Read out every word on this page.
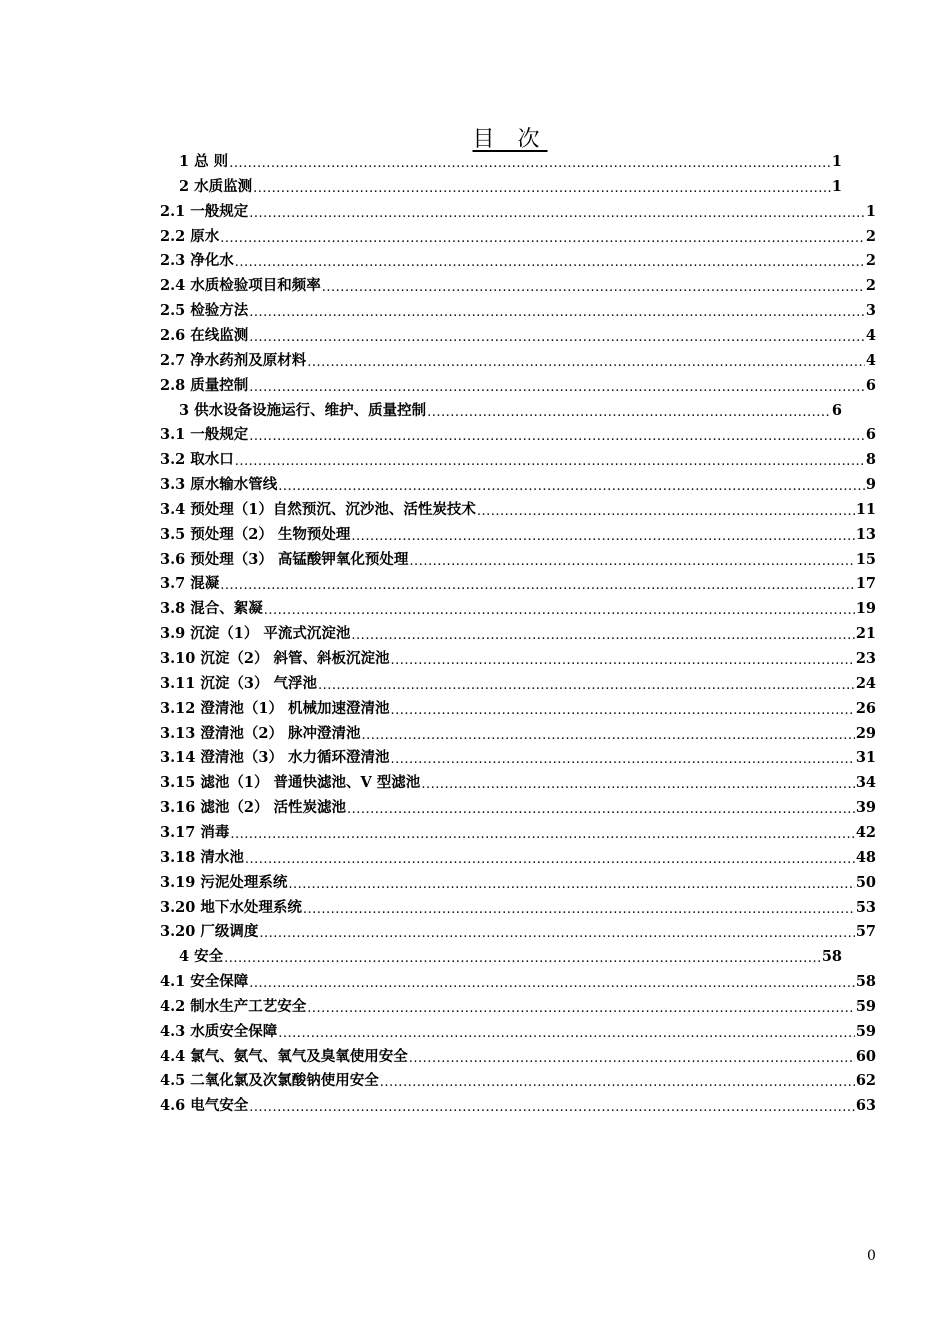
目 次
1 总 则 .....	1
2 水质监测 .....	1
2.1 一般规定 .....	1
2.2 原水 .....	2
2.3 净化水 .....	2
2.4 水质检验项目和频率 .....	2
2.5 检验方法 .....	3
2.6 在线监测 .....	4
2.7 净水药剂及原材料 .....	4
2.8 质量控制 .....	6
3 供水设备设施运行、维护、质量控制 .....	6
3.1 一般规定 .....	6
3.2 取水口 .....	8
3.3 原水输水管线 .....	9
3.4 预处理（1）自然预沉、沉沙池、活性炭技术 .....	11
3.5 预处理（2） 生物预处理 .....	13
3.6 预处理（3） 高锰酸钾氧化预处理 .....	15
3.7 混凝 .....	17
3.8 混合、絮凝 .....	19
3.9 沉淀（1） 平流式沉淀池 .....	21
3.10 沉淀（2） 斜管、斜板沉淀池 .....	23
3.11 沉淀（3） 气浮池 .....	24
3.12 澄清池（1） 机械加速澄清池 .....	26
3.13 澄清池（2） 脉冲澄清池 .....	29
3.14 澄清池（3） 水力循环澄清池 .....	31
3.15 滤池（1） 普通快滤池、V 型滤池 .....	34
3.16 滤池（2） 活性炭滤池 .....	39
3.17 消毒 .....	42
3.18 清水池 .....	48
3.19 污泥处理系统 .....	50
3.20 地下水处理系统 .....	53
3.20 厂级调度 .....	57
4 安全 .....	58
4.1 安全保障 .....	58
4.2 制水生产工艺安全 .....	59
4.3 水质安全保障 .....	59
4.4 氯气、氨气、氧气及臭氧使用安全 .....	60
4.5 二氧化氯及次氯酸钠使用安全 .....	62
4.6 电气安全 .....	63
0
